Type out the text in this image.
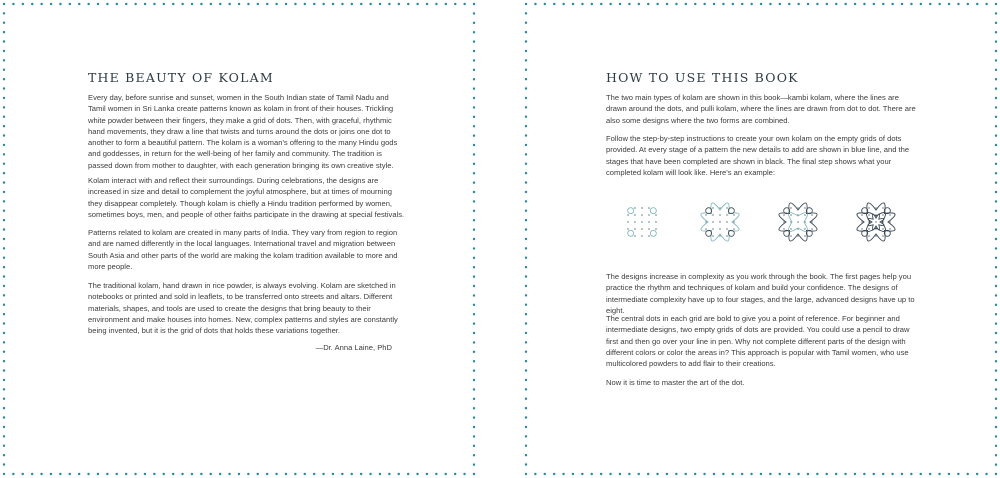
THE BEAUTY OF KOLAM

Every day, before sunrise and sunset, women in the South Indian state of Tamil Nadu and Tamil women in Sri Lanka create patterns known as kolam in front of their houses. Trickling white powder between their fingers, they make a grid of dots. Then, with graceful, rhythmic hand movements, they draw a line that twists and turns around the dots or joins one dot to another to form a beautiful pattern. The kolam is a woman's offering to the many Hindu gods and goddesses, in return for the well-being of her family and community. The tradition is passed down from mother to daughter, with each generation bringing its own creative style.

Kolam interact with and reflect their surroundings. During celebrations, the designs are increased in size and detail to complement the joyful atmosphere, but at times of mourning they disappear completely. Though kolam is chiefly a Hindu tradition performed by women, sometimes boys, men, and people of other faiths participate in the drawing at special festivals.

Patterns related to kolam are created in many parts of India. They vary from region to region and are named differently in the local languages. International travel and migration between South Asia and other parts of the world are making the kolam tradition available to more and more people.

The traditional kolam, hand drawn in rice powder, is always evolving. Kolam are sketched in notebooks or printed and sold in leaflets, to be transferred onto streets and altars. Different materials, shapes, and tools are used to create the designs that bring beauty to their environment and make houses into homes. New, complex patterns and styles are constantly being invented, but it is the grid of dots that holds these variations together.

—Dr. Anna Laine, PhD

HOW TO USE THIS BOOK

The two main types of kolam are shown in this book—kambi kolam, where the lines are drawn around the dots, and pulli kolam, where the lines are drawn from dot to dot. There are also some designs where the two forms are combined.

Follow the step-by-step instructions to create your own kolam on the empty grids of dots provided. At every stage of a pattern the new details to add are shown in blue line, and the stages that have been completed are shown in black. The final step shows what your completed kolam will look like. Here's an example:

The designs increase in complexity as you work through the book. The first pages help you practice the rhythm and techniques of kolam and build your confidence. The designs of intermediate complexity have up to four stages, and the large, advanced designs have up to eight.

The central dots in each grid are bold to give you a point of reference. For beginner and intermediate designs, two empty grids of dots are provided. You could use a pencil to draw first and then go over your line in pen. Why not complete different parts of the design with different colors or color the areas in? This approach is popular with Tamil women, who use multicolored powders to add flair to their creations.

Now it is time to master the art of the dot.
